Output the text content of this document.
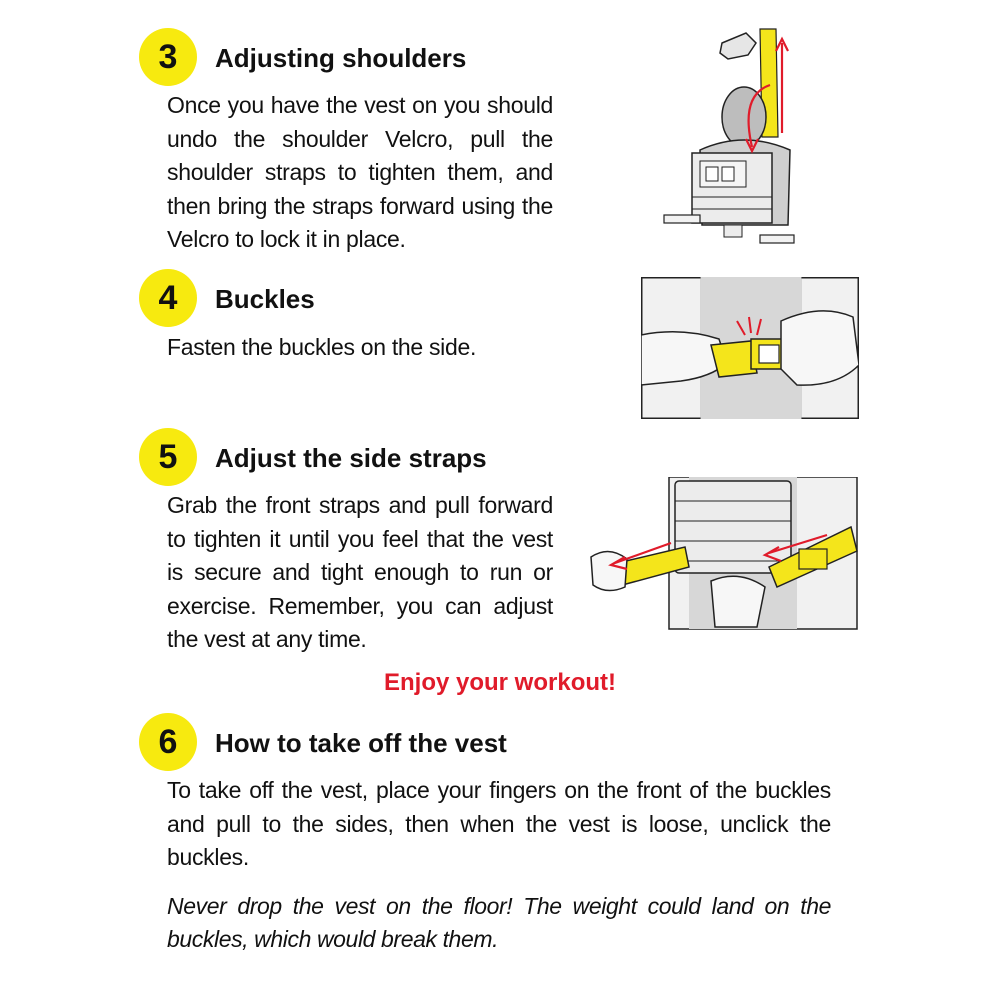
3	Adjusting shoulders
Once you have the vest on you should undo the shoulder Velcro, pull the shoulder straps to tighten them, and then bring the straps forward using the Velcro to lock it in place.
4	Buckles
Fasten the buckles on the side.
5	Adjust the side straps
Grab the front straps and pull forward to tighten it until you feel that the vest is secure and tight enough to run or exercise. Remember, you can adjust the vest at any time.
Enjoy your workout!
6	How to take off the vest
To take off the vest, place your fingers on the front of the buckles and pull to the sides, then when the vest is loose, unclick the buckles.
Never drop the vest on the floor! The weight could land on the buckles, which would break them.
